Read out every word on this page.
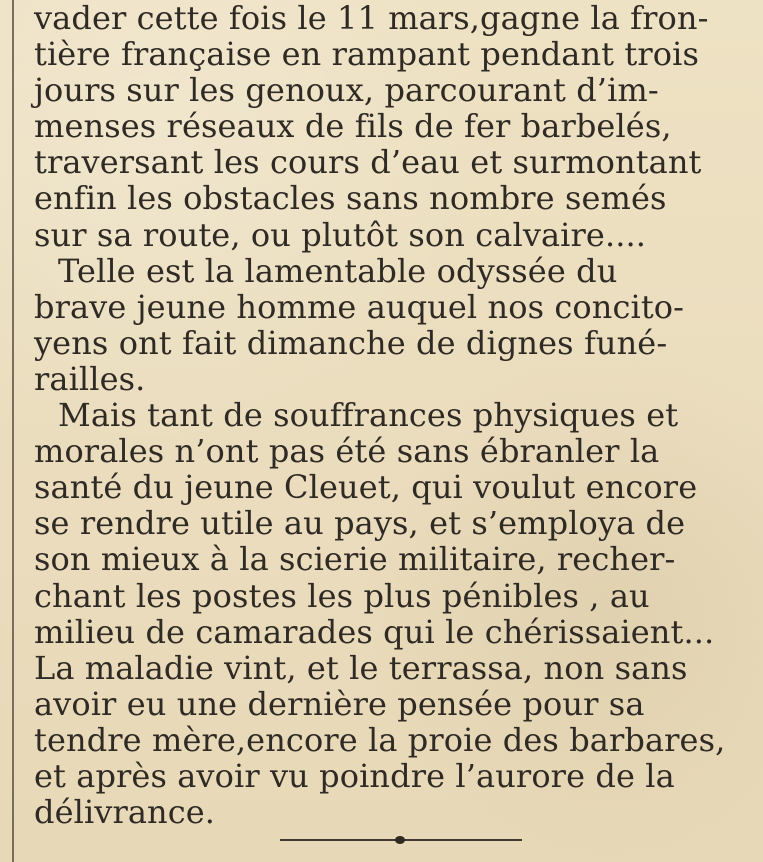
vader cette fois le 11 mars,gagne la fron-
tière française en rampant pendant trois
jours sur les genoux, parcourant d’im-
menses réseaux de fils de fer barbelés,
traversant les cours d’eau et surmontant
enfin les obstacles sans nombre semés
sur sa route, ou plutôt son calvaire....
Telle est la lamentable odyssée du
brave jeune homme auquel nos concito-
yens ont fait dimanche de dignes funé-
railles.
Mais tant de souffrances physiques et
morales n’ont pas été sans ébranler la
santé du jeune Cleuet, qui voulut encore
se rendre utile au pays, et s’employa de
son mieux à la scierie militaire, recher-
chant les postes les plus pénibles , au
milieu de camarades qui le chérissaient...
La maladie vint, et le terrassa, non sans
avoir eu une dernière pensée pour sa
tendre mère,encore la proie des barbares,
et après avoir vu poindre l’aurore de la
délivrance.
